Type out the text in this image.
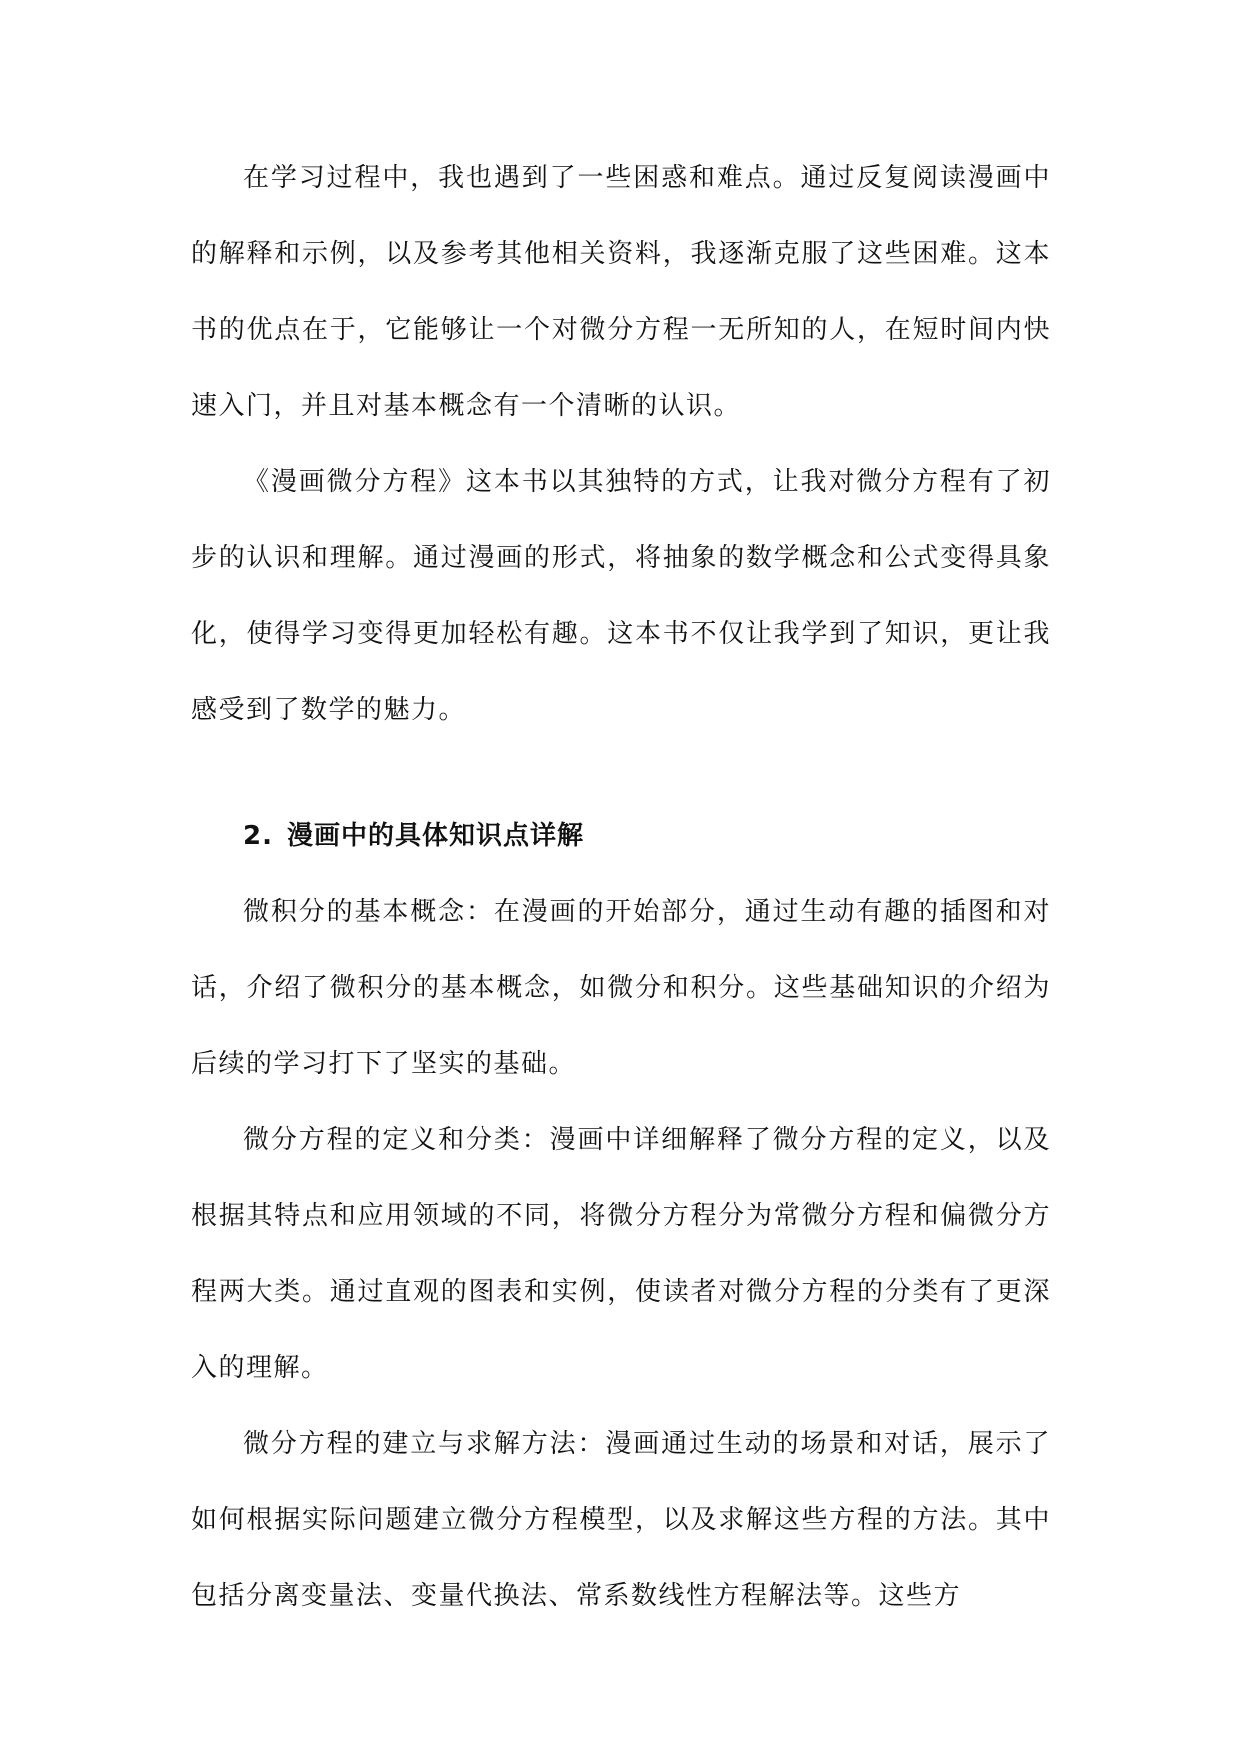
在学习过程中，我也遇到了一些困惑和难点。通过反复阅读漫画中的解释和示例，以及参考其他相关资料，我逐渐克服了这些困难。这本书的优点在于，它能够让一个对微分方程一无所知的人，在短时间内快速入门，并且对基本概念有一个清晰的认识。

《漫画微分方程》这本书以其独特的方式，让我对微分方程有了初步的认识和理解。通过漫画的形式，将抽象的数学概念和公式变得具象化，使得学习变得更加轻松有趣。这本书不仅让我学到了知识，更让我感受到了数学的魅力。

2. 漫画中的具体知识点详解

微积分的基本概念：在漫画的开始部分，通过生动有趣的插图和对话，介绍了微积分的基本概念，如微分和积分。这些基础知识的介绍为后续的学习打下了坚实的基础。

微分方程的定义和分类：漫画中详细解释了微分方程的定义，以及根据其特点和应用领域的不同，将微分方程分为常微分方程和偏微分方程两大类。通过直观的图表和实例，使读者对微分方程的分类有了更深入的理解。

微分方程的建立与求解方法：漫画通过生动的场景和对话，展示了如何根据实际问题建立微分方程模型，以及求解这些方程的方法。其中包括分离变量法、变量代换法、常系数线性方程解法等。这些方
